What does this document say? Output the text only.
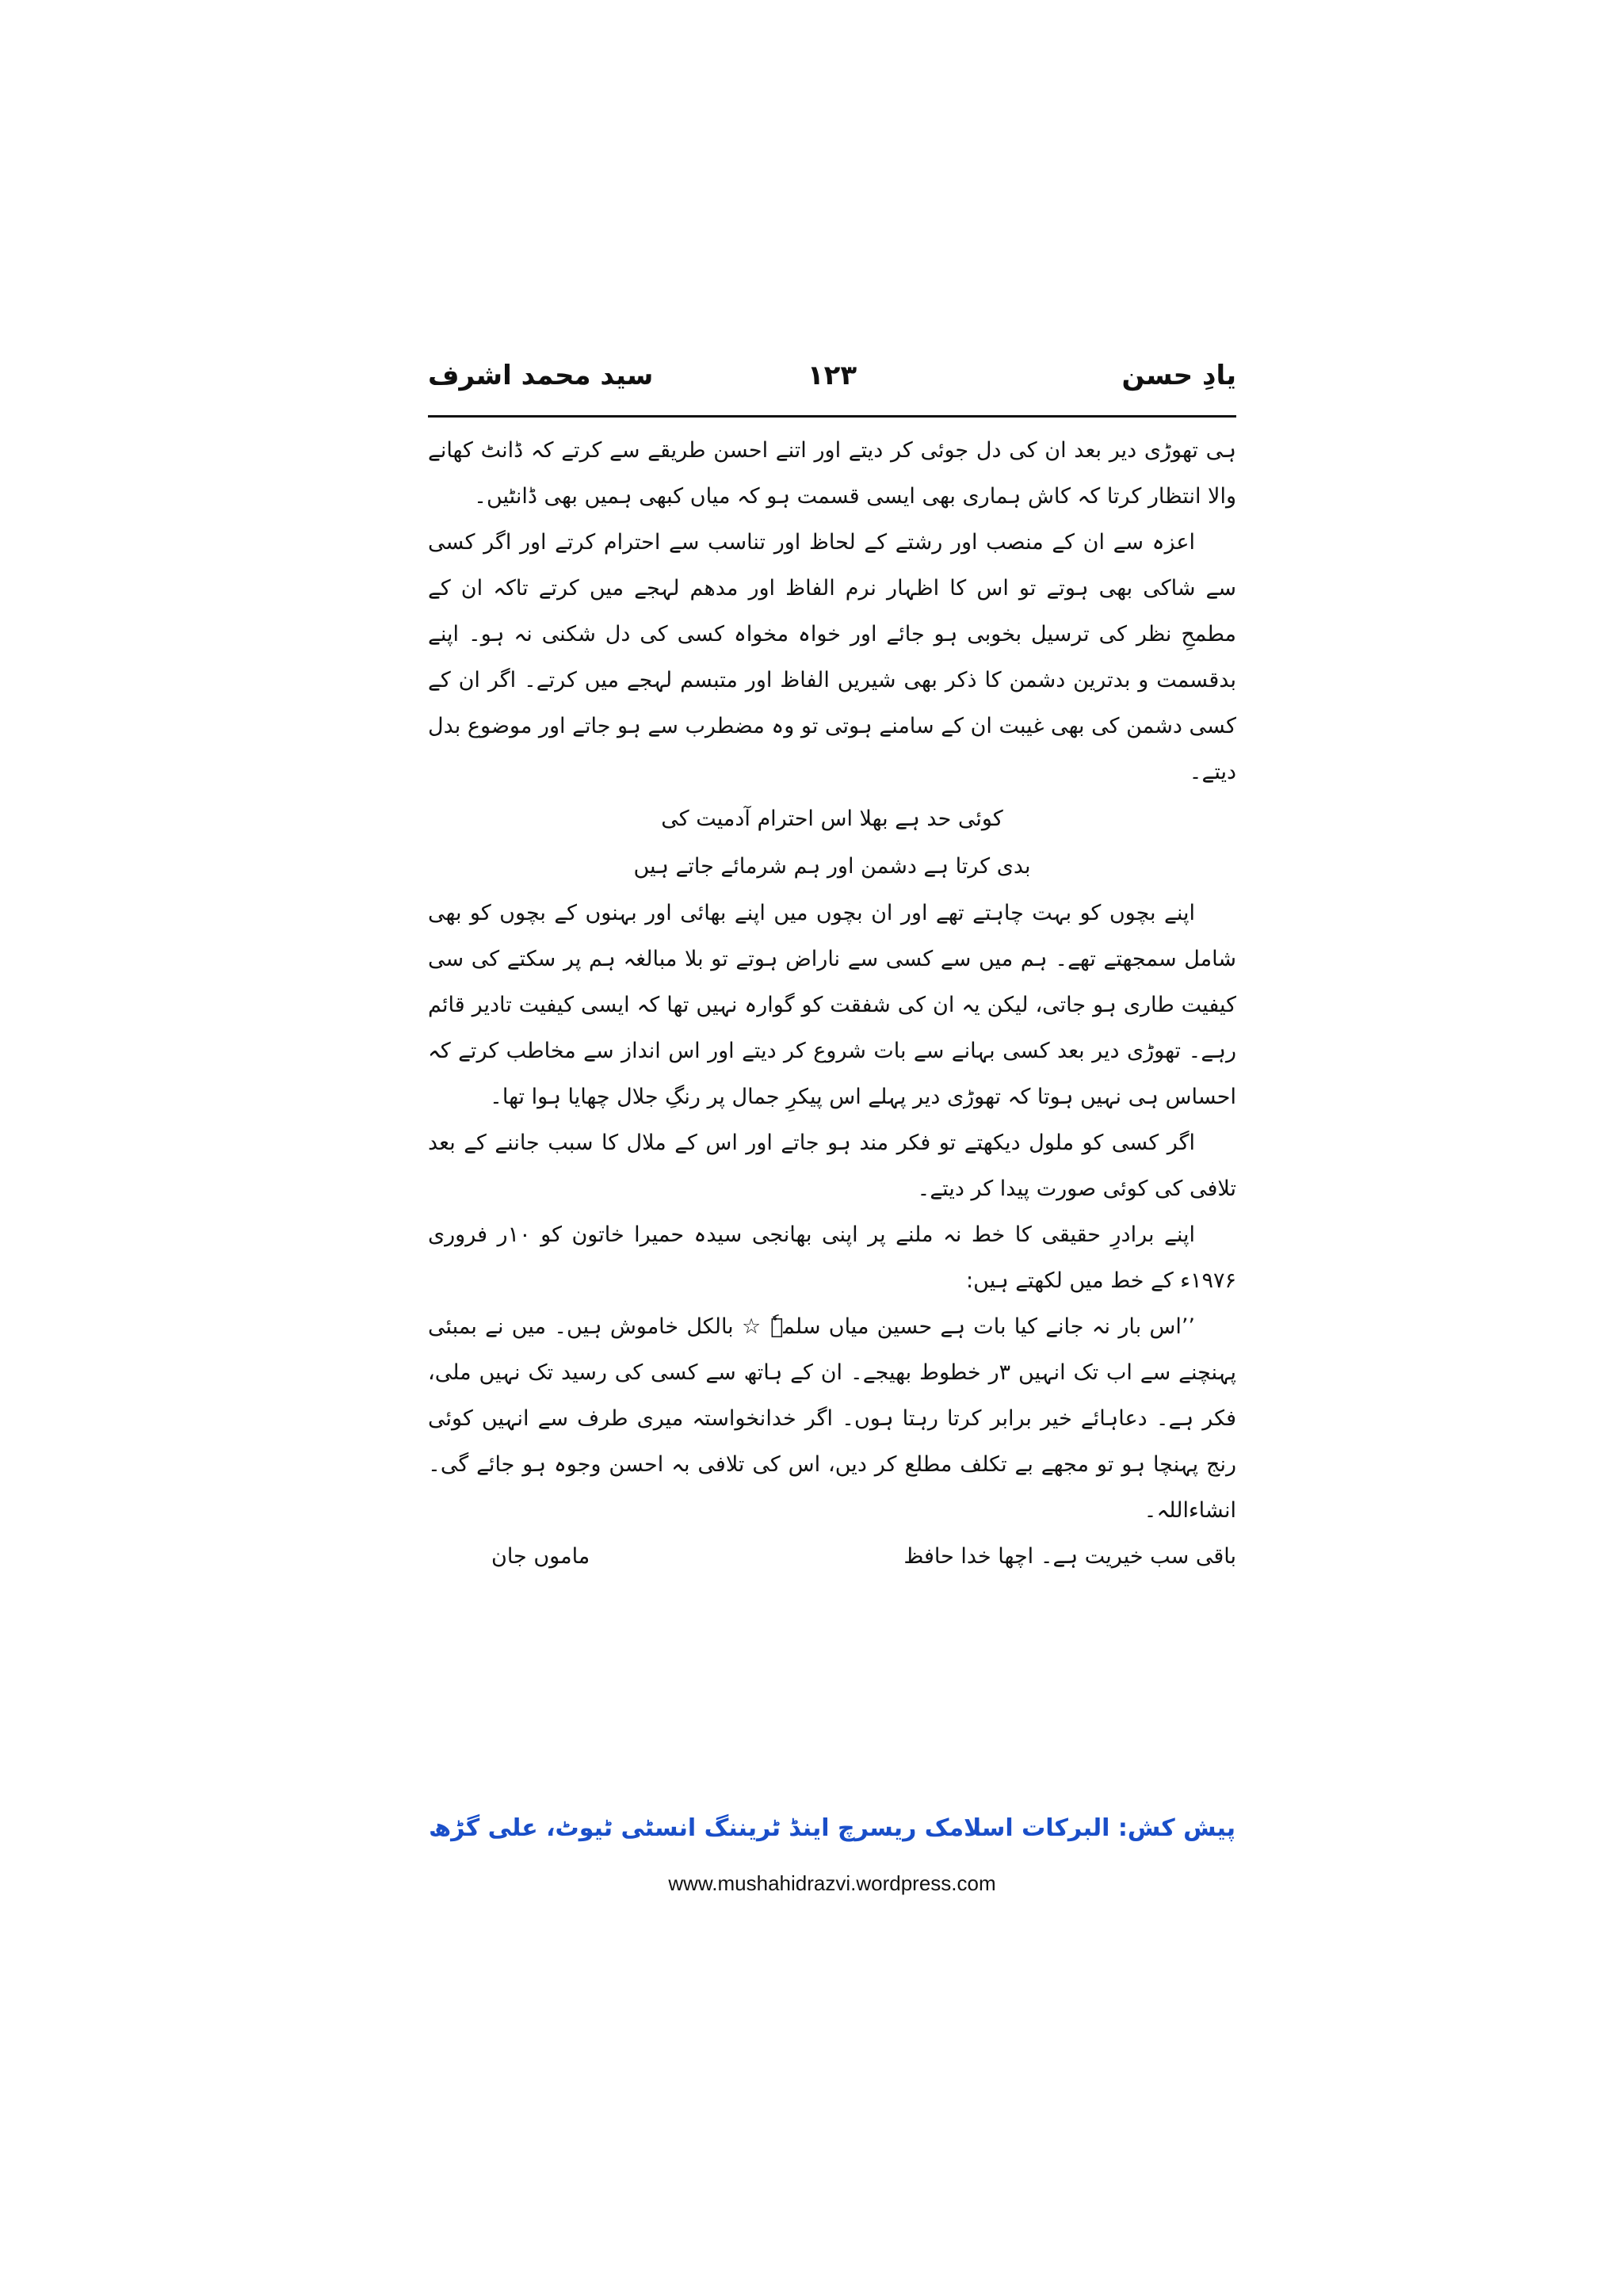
یادِ حسن
۱۲۳
سید محمد اشرف

ہی تھوڑی دیر بعد ان کی دل جوئی کر دیتے اور اتنے احسن طریقے سے کرتے کہ ڈانٹ کھانے والا انتظار کرتا کہ کاش ہماری بھی ایسی قسمت ہو کہ میاں کبھی ہمیں بھی ڈانٹیں۔

اعزہ سے ان کے منصب اور رشتے کے لحاظ اور تناسب سے احترام کرتے اور اگر کسی سے شاکی بھی ہوتے تو اس کا اظہار نرم الفاظ اور مدھم لہجے میں کرتے تاکہ ان کے مطمحِ نظر کی ترسیل بخوبی ہو جائے اور خواہ مخواہ کسی کی دل شکنی نہ ہو۔ اپنے بدقسمت و بدترین دشمن کا ذکر بھی شیریں الفاظ اور متبسم لہجے میں کرتے۔ اگر ان کے کسی دشمن کی بھی غیبت ان کے سامنے ہوتی تو وہ مضطرب سے ہو جاتے اور موضوع بدل دیتے۔

کوئی حد ہے بھلا اس احترام آدمیت کی

بدی کرتا ہے دشمن اور ہم شرمائے جاتے ہیں

اپنے بچوں کو بہت چاہتے تھے اور ان بچوں میں اپنے بھائی اور بہنوں کے بچوں کو بھی شامل سمجھتے تھے۔ ہم میں سے کسی سے ناراض ہوتے تو بلا مبالغہ ہم پر سکتے کی سی کیفیت طاری ہو جاتی، لیکن یہ ان کی شفقت کو گوارہ نہیں تھا کہ ایسی کیفیت تادیر قائم رہے۔ تھوڑی دیر بعد کسی بہانے سے بات شروع کر دیتے اور اس انداز سے مخاطب کرتے کہ احساس ہی نہیں ہوتا کہ تھوڑی دیر پہلے اس پیکرِ جمال پر رنگِ جلال چھایا ہوا تھا۔

اگر کسی کو ملول دیکھتے تو فکر مند ہو جاتے اور اس کے ملال کا سبب جاننے کے بعد تلافی کی کوئی صورت پیدا کر دیتے۔

اپنے برادرِ حقیقی کا خط نہ ملنے پر اپنی بھانجی سیدہ حمیرا خاتون کو ۱۰ر فروری ۱۹۷۶ء کے خط میں لکھتے ہیں:

’’اس بار نہ جانے کیا بات ہے حسین میاں سلمہٗ ☆ بالکل خاموش ہیں۔ میں نے بمبئی پہنچنے سے اب تک انہیں ۳ر خطوط بھیجے۔ ان کے ہاتھ سے کسی کی رسید تک نہیں ملی، فکر ہے۔ دعاہائے خیر برابر کرتا رہتا ہوں۔ اگر خدانخواستہ میری طرف سے انہیں کوئی رنج پہنچا ہو تو مجھے بے تکلف مطلع کر دیں، اس کی تلافی بہ احسن وجوہ ہو جائے گی۔ انشاءاللہ۔

باقی سب خیریت ہے۔ اچھا خدا حافظ
ماموں جان
پیش کش: البرکات اسلامک ریسرچ اینڈ ٹریننگ انسٹی ٹیوٹ، علی گڑھ
www.mushahidrazvi.wordpress.com
